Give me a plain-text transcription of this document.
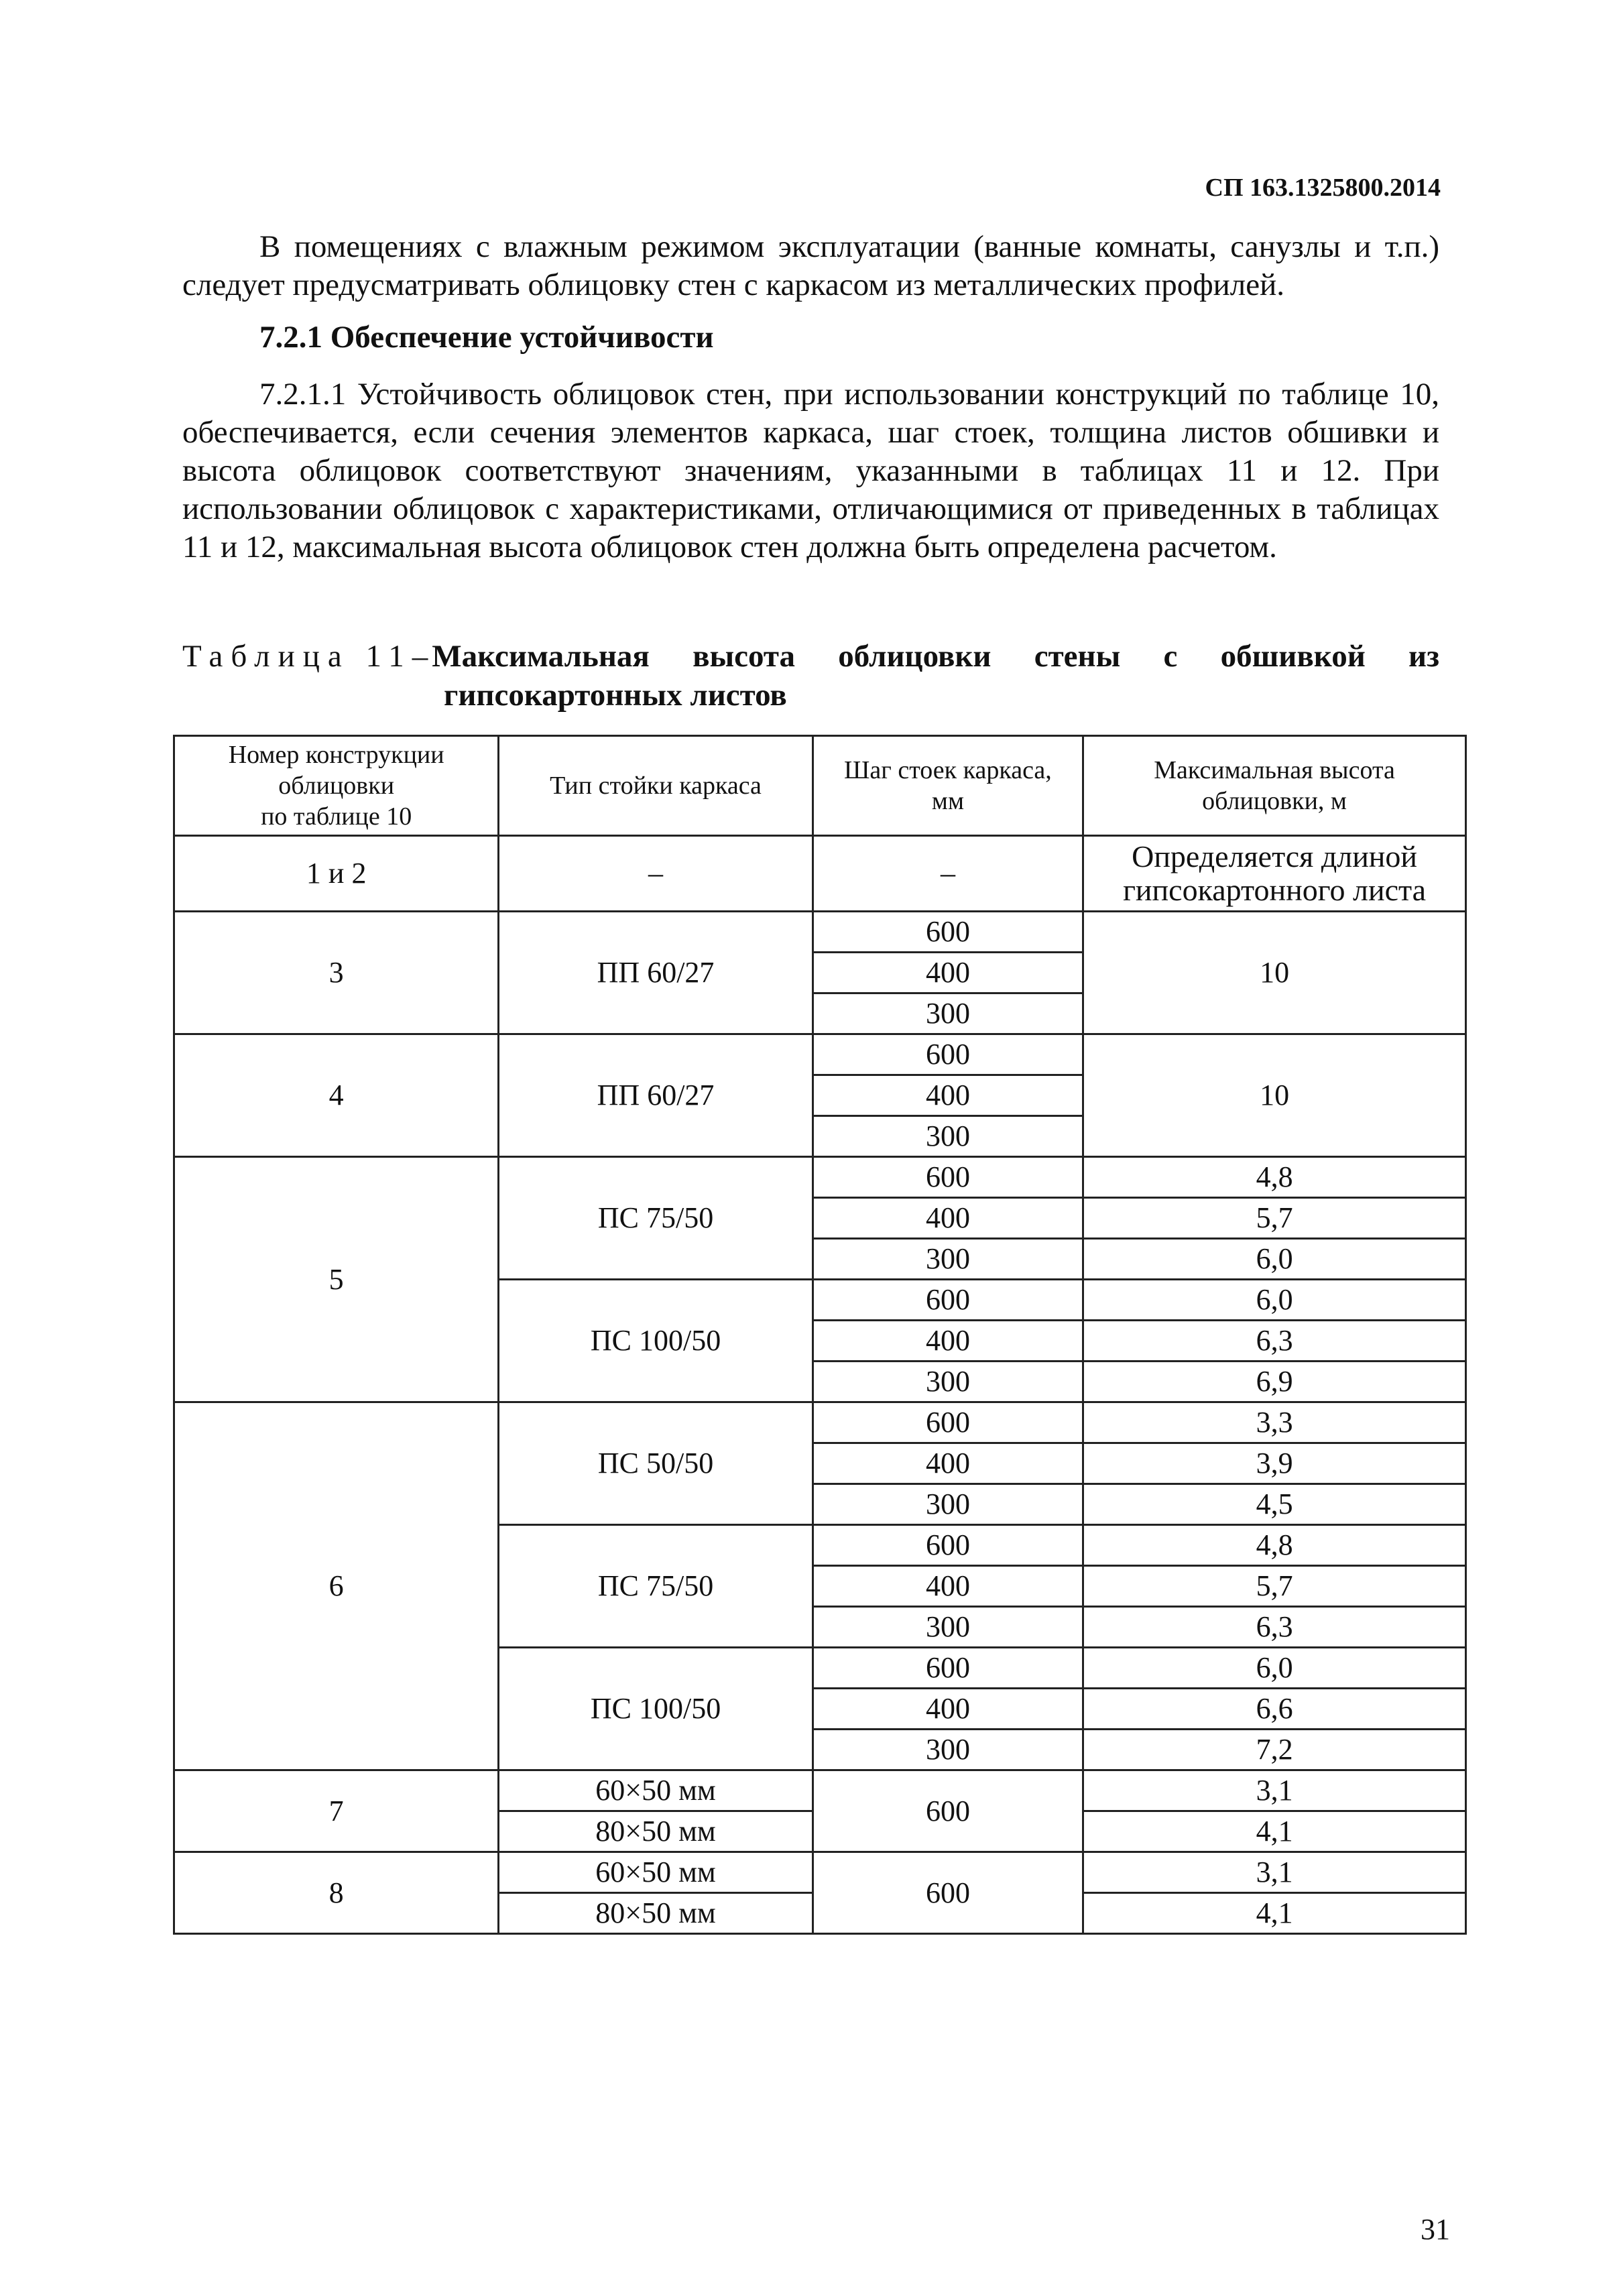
СП 163.1325800.2014
В помещениях с влажным режимом эксплуатации (ванные комнаты, санузлы и т.п.) следует предусматривать облицовку стен с каркасом из металлических профилей.
7.2.1 Обеспечение устойчивости
7.2.1.1 Устойчивость облицовок стен, при использовании конструкций по таблице 10, обеспечивается, если сечения элементов каркаса, шаг стоек, толщина листов обшивки и высота облицовок соответствуют значениям, указанными в таблицах 11 и 12. При использовании облицовок с характеристиками, отличающимися от приведенных в таблицах 11 и 12, максимальная высота облицовок стен должна быть определена расчетом.
Таблица 11– Максимальная высота облицовки стены с обшивкой из
гипсокартонных листов
Номер конструкции
облицовки
по таблице 10	Тип стойки каркаса	Шаг стоек каркаса,
мм	Максимальная высота
облицовки, м
1 и 2	–	–	Определяется длиной
гипсокартонного листа
3	ПП 60/27	600	10
		400	
		300	
4	ПП 60/27	600	10
		400	
		300	
5	ПС 75/50	600	4,8
		400	5,7
		300	6,0
	ПС 100/50	600	6,0
		400	6,3
		300	6,9
6	ПС 50/50	600	3,3
		400	3,9
		300	4,5
	ПС 75/50	600	4,8
		400	5,7
		300	6,3
	ПС 100/50	600	6,0
		400	6,6
		300	7,2
7	60×50 мм	600	3,1
	80×50 мм		4,1
8	60×50 мм	600	3,1
	80×50 мм		4,1
31
